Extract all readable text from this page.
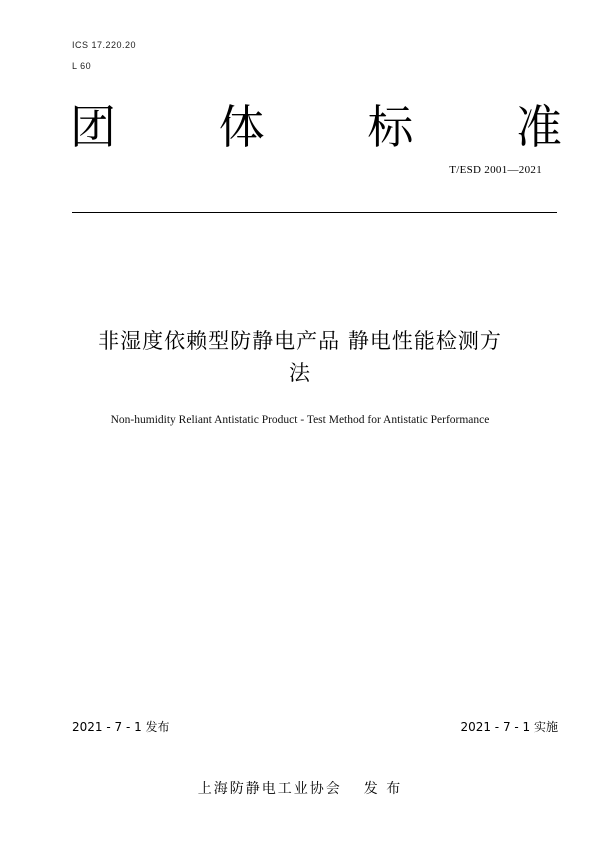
ICS 17.220.20
L 60
团 体 标 准
T/ESD 2001—2021
非湿度依赖型防静电产品 静电性能检测方
法
Non-humidity Reliant Antistatic Product - Test Method for Antistatic Performance
2021 - 7 - 1 发布	2021 - 7 - 1 实施
上海防静电工业协会 发 布
